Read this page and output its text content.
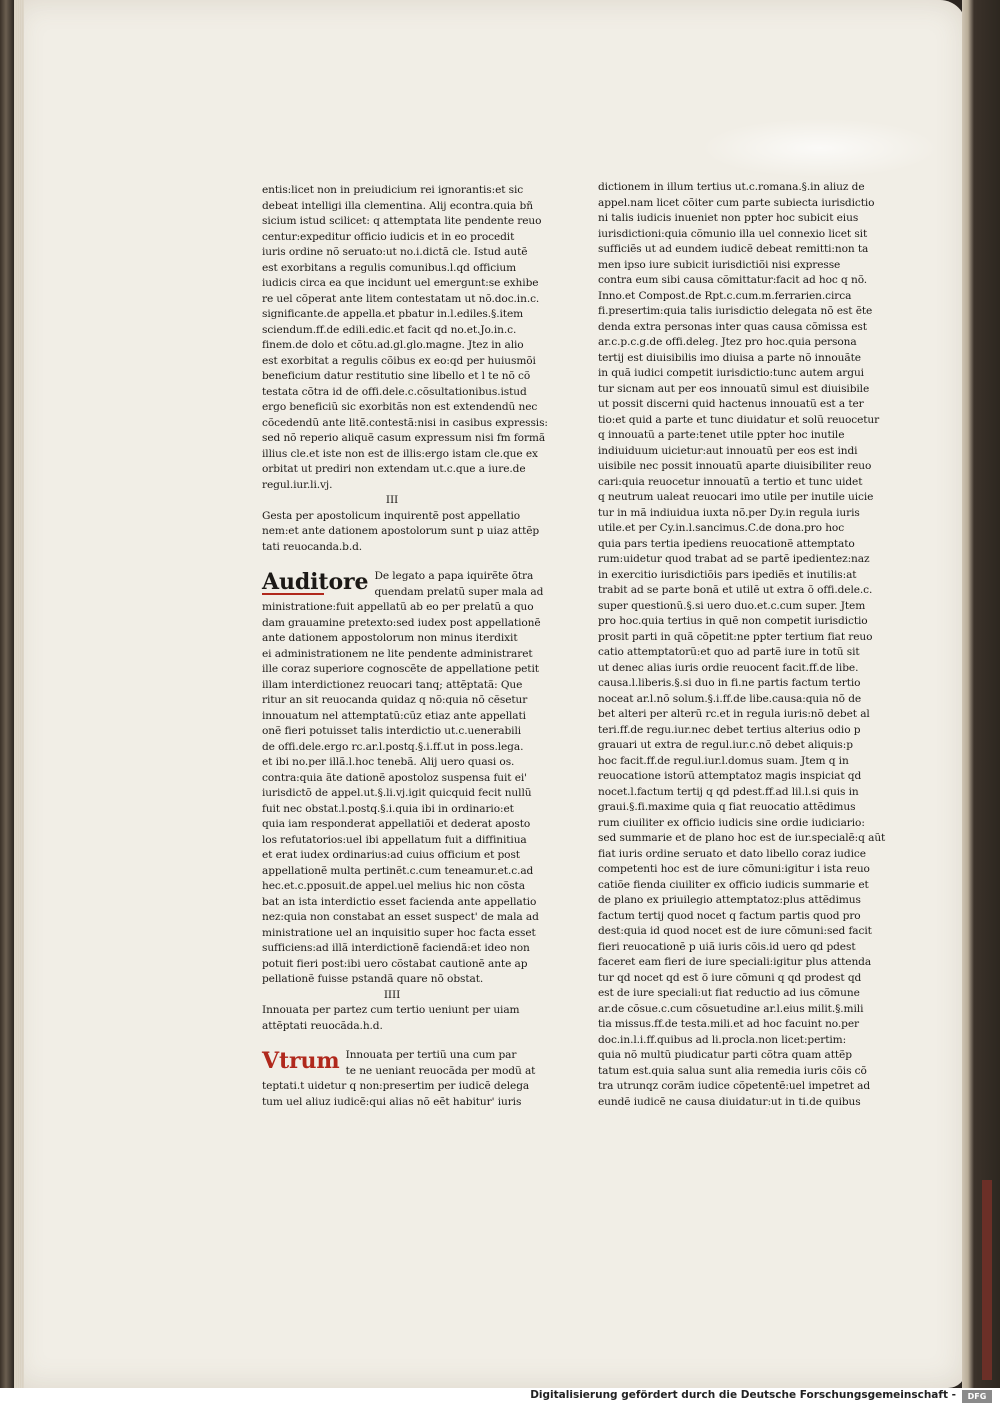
entis:licet non in preiudicium rei ignorantis:et sic
debeat intelligi illa clementina. Alij econtra.quia bñ
sicium istud scilicet: q attemptata lite pendente reuo
centur:expeditur officio iudicis et in eo procedit
iuris ordine nõ seruato:ut no.i.dictã cle. Istud autẽ
est exorbitans a regulis comunibus.l.qd officium
iudicis circa ea que incidunt uel emergunt:se exhibe
re uel cõperat ante litem contestatam ut nõ.doc.in.c.
significante.de appella.et pbatur in.l.ediles.§.item
sciendum.ff.de edili.edic.et facit qd no.et.Jo.in.c.
finem.de dolo et cõtu.ad.gl.glo.magne. Jtez in alio
est exorbitat a regulis cõibus ex eo:qd per huiusmõi
beneficium datur restitutio sine libello et l te nõ cõ
testata cõtra id de offi.dele.c.cõsultationibus.istud
ergo beneficiũ sic exorbitãs non est extendendũ nec
cõcedendũ ante litẽ.contestã:nisi in casibus expressis:
sed nõ reperio aliquẽ casum expressum nisi fm formã
illius cle.et iste non est de illis:ergo istam cle.que ex
orbitat ut prediri non extendam ut.c.que a iure.de
regul.iur.li.vj.
III
Gesta per apostolicum inquirentẽ post appellatio
nem:et ante dationem apostolorum sunt p uiaz attẽp
tati reuocanda.b.d.
Auditore De legato a papa iquirẽte õtra
quendam prelatũ super mala ad
ministratione:fuit appellatũ ab eo per prelatũ a quo
dam grauamine pretexto:sed iudex post appellationẽ
ante dationem appostolorum non minus iterdixit
ei administrationem ne lite pendente administraret
ille coraz superiore cognoscẽte de appellatione petit
illam interdictionez reuocari tanq; attẽptatã: Que
ritur an sit reuocanda quidaz q nõ:quia nõ cẽsetur
innouatum nel attemptatũ:cũz etiaz ante appellati
onẽ fieri potuisset talis interdictio ut.c.uenerabili
de offi.dele.ergo rc.ar.l.postq.§.i.ff.ut in poss.lega.
et ibi no.per illã.l.hoc tenebã. Alij uero quasi os.
contra:quia ãte dationẽ apostoloz suspensa fuit ei'
iurisdictõ de appel.ut.§.li.vj.igit quicquid fecit nullũ
fuit nec obstat.l.postq.§.i.quia ibi in ordinario:et
quia iam responderat appellatiõi et dederat aposto
los refutatorios:uel ibi appellatum fuit a diffinitiua
et erat iudex ordinarius:ad cuius officium et post
appellationẽ multa pertinẽt.c.cum teneamur.et.c.ad
hec.et.c.pposuit.de appel.uel melius hic non cõsta
bat an ista interdictio esset facienda ante appellatio
nez:quia non constabat an esset suspect' de mala ad
ministratione uel an inquisitio super hoc facta esset
sufficiens:ad illã interdictionẽ faciendã:et ideo non
potuit fieri post:ibi uero cõstabat cautionẽ ante ap
pellationẽ fuisse pstandã quare nõ obstat.
IIII
Innouata per partez cum tertio ueniunt per uiam
attẽptati reuocãda.h.d.
Vtrum Innouata per tertiũ una cum par
te ne ueniant reuocãda per modũ at
teptati.t uidetur q non:presertim per iudicẽ delega
tum uel aliuz iudicẽ:qui alias nõ eẽt habitur' iuris
dictionem in illum tertius ut.c.romana.§.in aliuz de
appel.nam licet cõiter cum parte subiecta iurisdictio
ni talis iudicis inueniet non ppter hoc subicit eius
iurisdictioni:quia cõmunio illa uel connexio licet sit
sufficiẽs ut ad eundem iudicẽ debeat remitti:non ta
men ipso iure subicit iurisdictiõi nisi expresse
contra eum sibi causa cõmittatur:facit ad hoc q nõ.
Inno.et Compost.de Rpt.c.cum.m.ferrarien.circa
fi.presertim:quia talis iurisdictio delegata nõ est ẽte
denda extra personas inter quas causa cõmissa est
ar.c.p.c.g.de offi.deleg. Jtez pro hoc.quia persona
tertij est diuisibilis imo diuisa a parte nõ innouãte
in quã iudici competit iurisdictio:tunc autem argui
tur sicnam aut per eos innouatũ simul est diuisibile
ut possit discerni quid hactenus innouatũ est a ter
tio:et quid a parte et tunc diuidatur et solũ reuocetur
q innouatũ a parte:tenet utile ppter hoc inutile
indiuiduum uicietur:aut innouatũ per eos est indi
uisibile nec possit innouatũ aparte diuisibiliter reuo
cari:quia reuocetur innouatũ a tertio et tunc uidet
q neutrum ualeat reuocari imo utile per inutile uicie
tur in mã indiuidua iuxta nõ.per Dy.in regula iuris
utile.et per Cy.in.l.sancimus.C.de dona.pro hoc
quia pars tertia ipediens reuocationẽ attemptato
rum:uidetur quod trabat ad se partẽ ipedientez:naz
in exercitio iurisdictiõis pars ipediẽs et inutilis:at
trabit ad se parte bonã et utilẽ ut extra õ offi.dele.c.
super questionũ.§.si uero duo.et.c.cum super. Jtem
pro hoc.quia tertius in quẽ non competit iurisdictio
prosit parti in quã cõpetit:ne ppter tertium fiat reuo
catio attemptatorũ:et quo ad partẽ iure in totũ sit
ut denec alias iuris ordie reuocent facit.ff.de libe.
causa.l.liberis.§.si duo in fi.ne partis factum tertio
noceat ar.l.nõ solum.§.i.ff.de libe.causa:quia nõ de
bet alteri per alterũ rc.et in regula iuris:nõ debet al
teri.ff.de regu.iur.nec debet tertius alterius odio p
grauari ut extra de regul.iur.c.nõ debet aliquis:p
hoc facit.ff.de regul.iur.l.domus suam. Jtem q in
reuocatione istorũ attemptatoz magis inspiciat qd
nocet.l.factum tertij q qd pdest.ff.ad lil.l.si quis in
graui.§.fi.maxime quia q fiat reuocatio attẽdimus
rum ciuiliter ex officio iudicis sine ordie iudiciario:
sed summarie et de plano hoc est de iur.specialẽ:q aũt
fiat iuris ordine seruato et dato libello coraz iudice
competenti hoc est de iure cõmuni:igitur i ista reuo
catiõe fienda ciuiliter ex officio iudicis summarie et
de plano ex priuilegio attemptatoz:plus attẽdimus
factum tertij quod nocet q factum partis quod pro
dest:quia id quod nocet est de iure cõmuni:sed facit
fieri reuocationẽ p uiã iuris cõis.id uero qd pdest
faceret eam fieri de iure speciali:igitur plus attenda
tur qd nocet qd est õ iure cõmuni q qd prodest qd
est de iure speciali:ut fiat reductio ad ius cõmune
ar.de cõsue.c.cum cõsuetudine ar.l.eius milit.§.mili
tia missus.ff.de testa.mili.et ad hoc facuint no.per
doc.in.l.i.ff.quibus ad li.procla.non licet:pertim:
quia nõ multũ piudicatur parti cõtra quam attẽp
tatum est.quia salua sunt alia remedia iuris cõis cõ
tra utrunqz corãm iudice cõpetentẽ:uel impetret ad
eundẽ iudicẽ ne causa diuidatur:ut in ti.de quibus
Digitalisierung gefördert durch die Deutsche Forschungsgemeinschaft -	DFG
